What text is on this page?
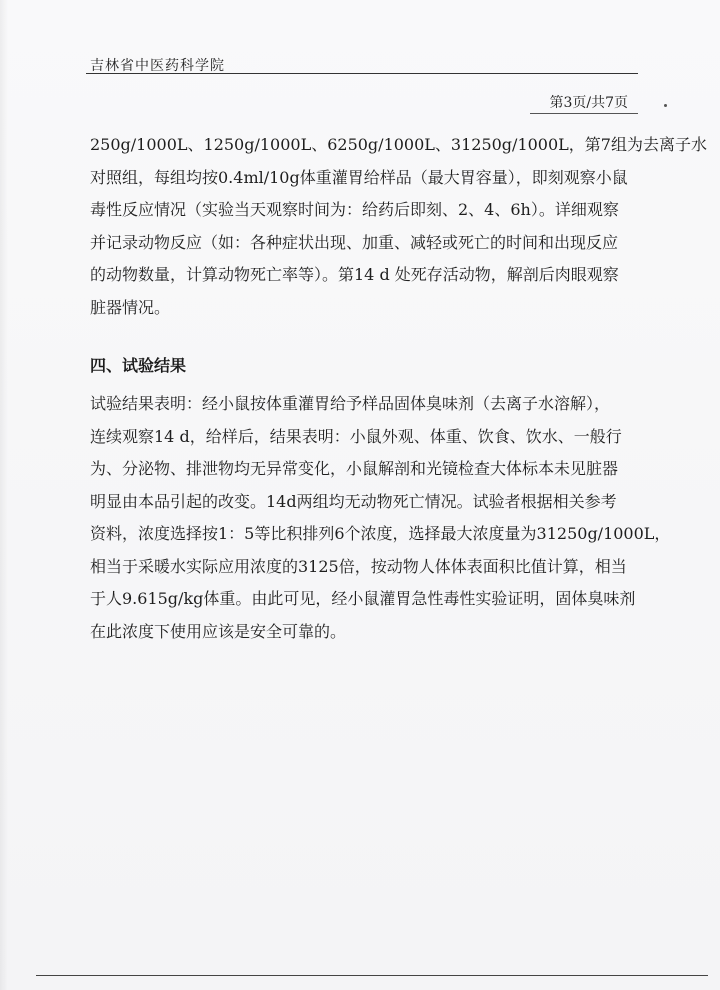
吉林省中医药科学院
第3页/共7页
250g/1000L、1250g/1000L、6250g/1000L、31250g/1000L，第7组为去离子水
对照组，每组均按0.4ml/10g体重灌胃给样品（最大胃容量），即刻观察小鼠
毒性反应情况（实验当天观察时间为：给药后即刻、2、4、6h）。详细观察
并记录动物反应（如：各种症状出现、加重、减轻或死亡的时间和出现反应
的动物数量，计算动物死亡率等）。第14 d 处死存活动物，解剖后肉眼观察
脏器情况。
四、试验结果
试验结果表明：经小鼠按体重灌胃给予样品固体臭味剂（去离子水溶解），
连续观察14 d，给样后，结果表明：小鼠外观、体重、饮食、饮水、一般行
为、分泌物、排泄物均无异常变化，小鼠解剖和光镜检查大体标本未见脏器
明显由本品引起的改变。14d两组均无动物死亡情况。试验者根据相关参考
资料，浓度选择按1：5等比积排列6个浓度，选择最大浓度量为31250g/1000L，
相当于采暖水实际应用浓度的3125倍，按动物人体体表面积比值计算，相当
于人9.615g/kg体重。由此可见，经小鼠灌胃急性毒性实验证明，固体臭味剂
在此浓度下使用应该是安全可靠的。
